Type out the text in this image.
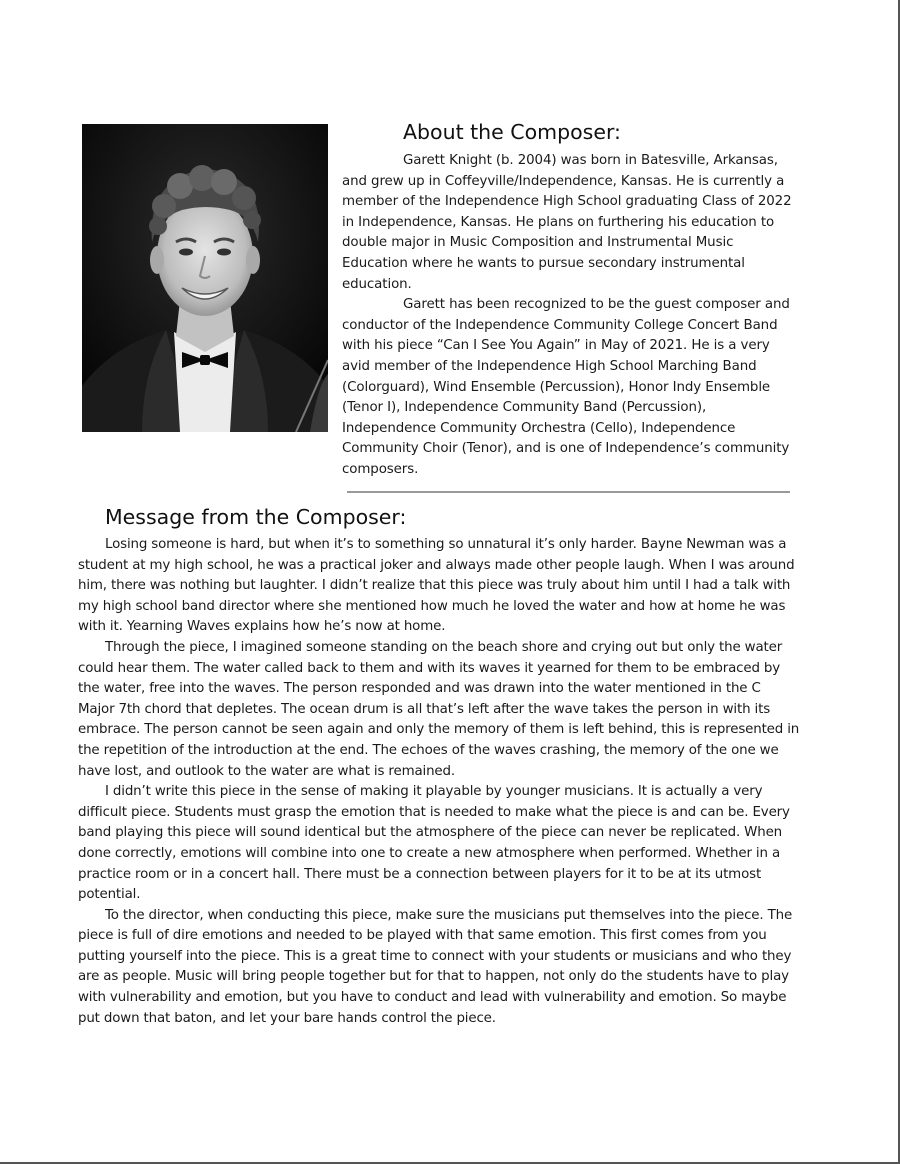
About the Composer:

Garett Knight (b. 2004) was born in Batesville, Arkansas, and grew up in Coffeyville/Independence, Kansas. He is currently a member of the Independence High School graduating Class of 2022 in Independence, Kansas. He plans on furthering his education to double major in Music Composition and Instrumental Music Education where he wants to pursue secondary instrumental education.

Garett has been recognized to be the guest composer and conductor of the Independence Community College Concert Band with his piece “Can I See You Again” in May of 2021. He is a very avid member of the Independence High School Marching Band (Colorguard), Wind Ensemble (Percussion), Honor Indy Ensemble (Tenor I), Independence Community Band (Percussion), Independence Community Orchestra (Cello), Independence Community Choir (Tenor), and is one of Independence’s community composers.

Message from the Composer:

Losing someone is hard, but when it’s to something so unnatural it’s only harder. Bayne Newman was a student at my high school, he was a practical joker and always made other people laugh. When I was around him, there was nothing but laughter. I didn’t realize that this piece was truly about him until I had a talk with my high school band director where she mentioned how much he loved the water and how at home he was with it. Yearning Waves explains how he’s now at home.

Through the piece, I imagined someone standing on the beach shore and crying out but only the water could hear them. The water called back to them and with its waves it yearned for them to be embraced by the water, free into the waves. The person responded and was drawn into the water mentioned in the C Major 7th chord that depletes. The ocean drum is all that’s left after the wave takes the person in with its embrace. The person cannot be seen again and only the memory of them is left behind, this is represented in the repetition of the introduction at the end. The echoes of the waves crashing, the memory of the one we have lost, and outlook to the water are what is remained.

I didn’t write this piece in the sense of making it playable by younger musicians. It is actually a very difficult piece. Students must grasp the emotion that is needed to make what the piece is and can be. Every band playing this piece will sound identical but the atmosphere of the piece can never be replicated. When done correctly, emotions will combine into one to create a new atmosphere when performed. Whether in a practice room or in a concert hall. There must be a connection between players for it to be at its utmost potential.

To the director, when conducting this piece, make sure the musicians put themselves into the piece. The piece is full of dire emotions and needed to be played with that same emotion. This first comes from you putting yourself into the piece. This is a great time to connect with your students or musicians and who they are as people. Music will bring people together but for that to happen, not only do the students have to play with vulnerability and emotion, but you have to conduct and lead with vulnerability and emotion. So maybe put down that baton, and let your bare hands control the piece.
